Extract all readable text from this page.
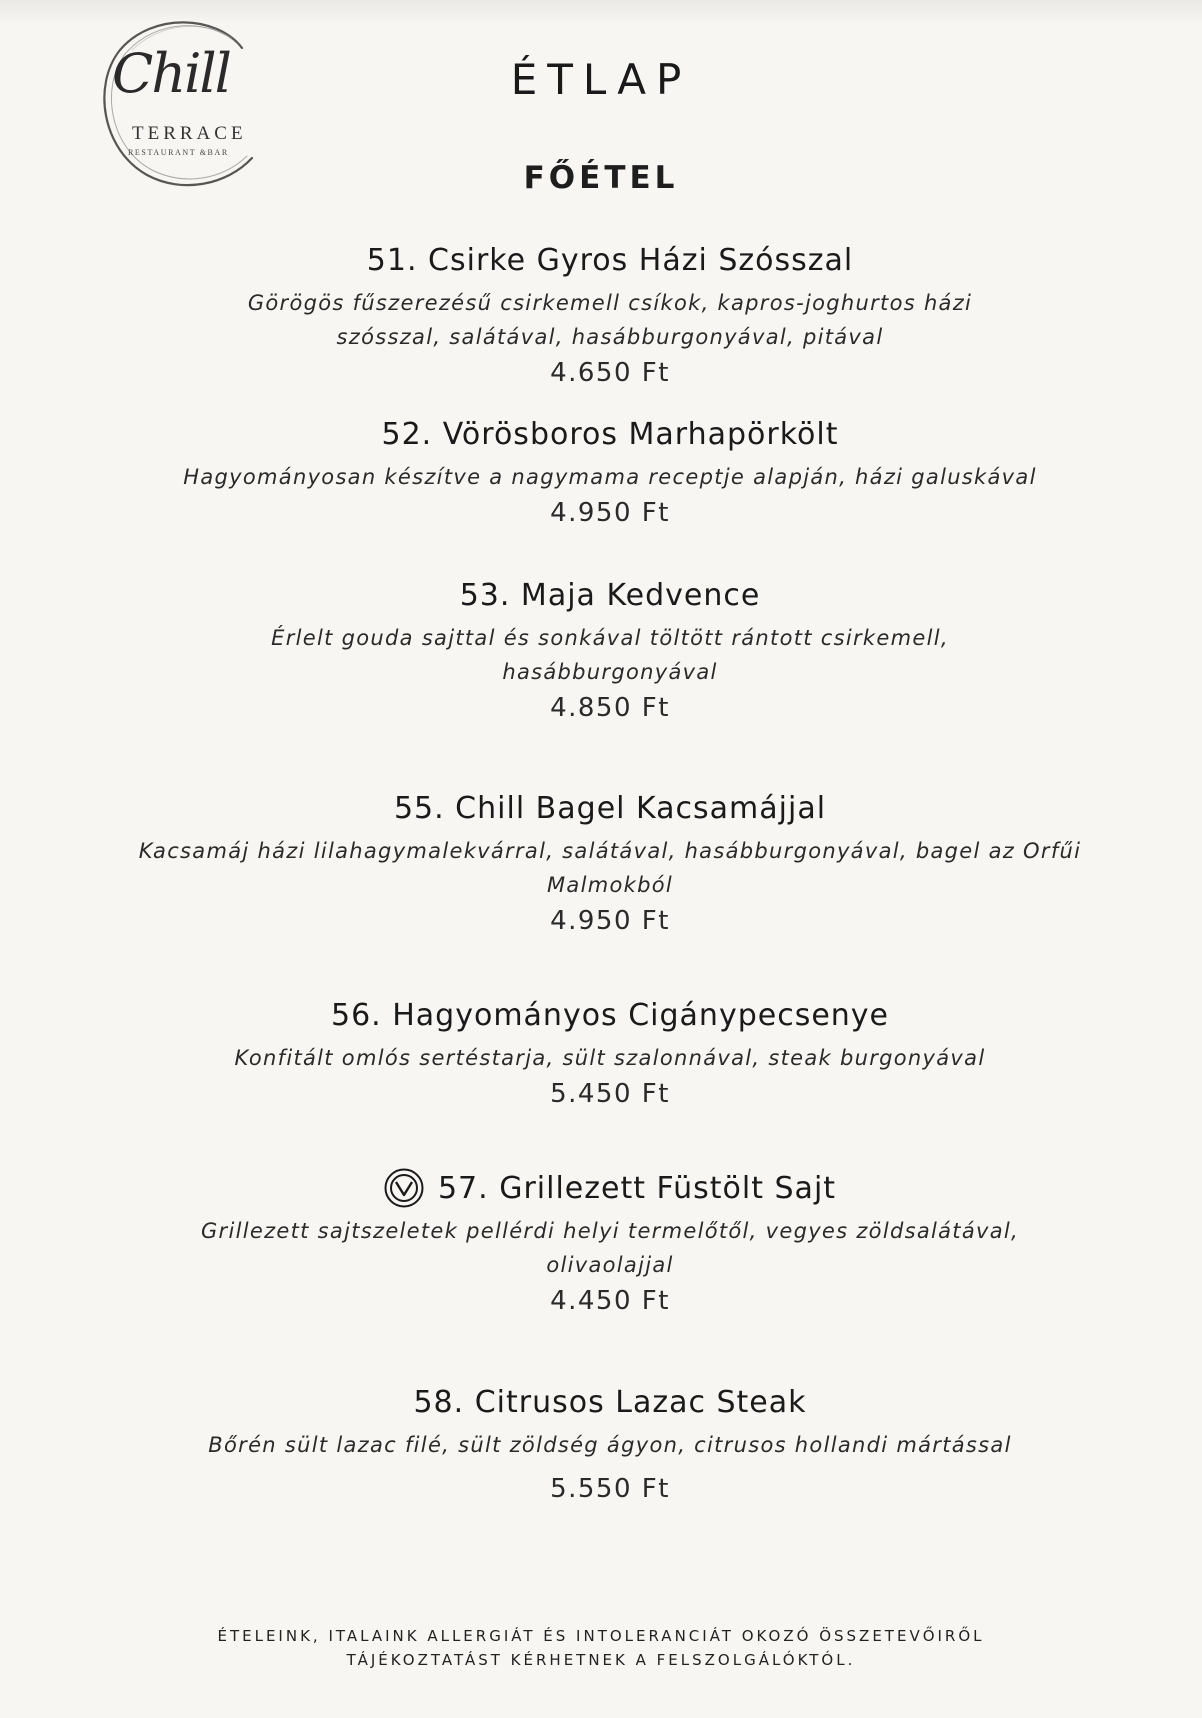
Chill
TERRACE
RESTAURANT &BAR
ÉTLAP
FŐÉTEL
51. Csirke Gyros Házi Szósszal
Görögös fűszerezésű csirkemell csíkok, kapros-joghurtos házi
szósszal, salátával, hasábburgonyával, pitával
4.650 Ft
52. Vörösboros Marhapörkölt
Hagyományosan készítve a nagymama receptje alapján, házi galuskával
4.950 Ft
53. Maja Kedvence
Érlelt gouda sajttal és sonkával töltött rántott csirkemell,
hasábburgonyával
4.850 Ft
55. Chill Bagel Kacsamájjal
Kacsamáj házi lilahagymalekvárral, salátával, hasábburgonyával, bagel az Orfűi
Malmokból
4.950 Ft
56. Hagyományos Cigánypecsenye
Konfitált omlós sertéstarja, sült szalonnával, steak burgonyával
5.450 Ft
57. Grillezett Füstölt Sajt
Grillezett sajtszeletek pellérdi helyi termelőtől, vegyes zöldsalátával,
olivaolajjal
4.450 Ft
58. Citrusos Lazac Steak
Bőrén sült lazac filé, sült zöldség ágyon, citrusos hollandi mártással
5.550 Ft
ÉTELEINK, ITALAINK ALLERGIÁT ÉS INTOLERANCIÁT OKOZÓ ÖSSZETEVŐIRŐL
TÁJÉKOZTATÁST KÉRHETNEK A FELSZOLGÁLÓKTÓL.
